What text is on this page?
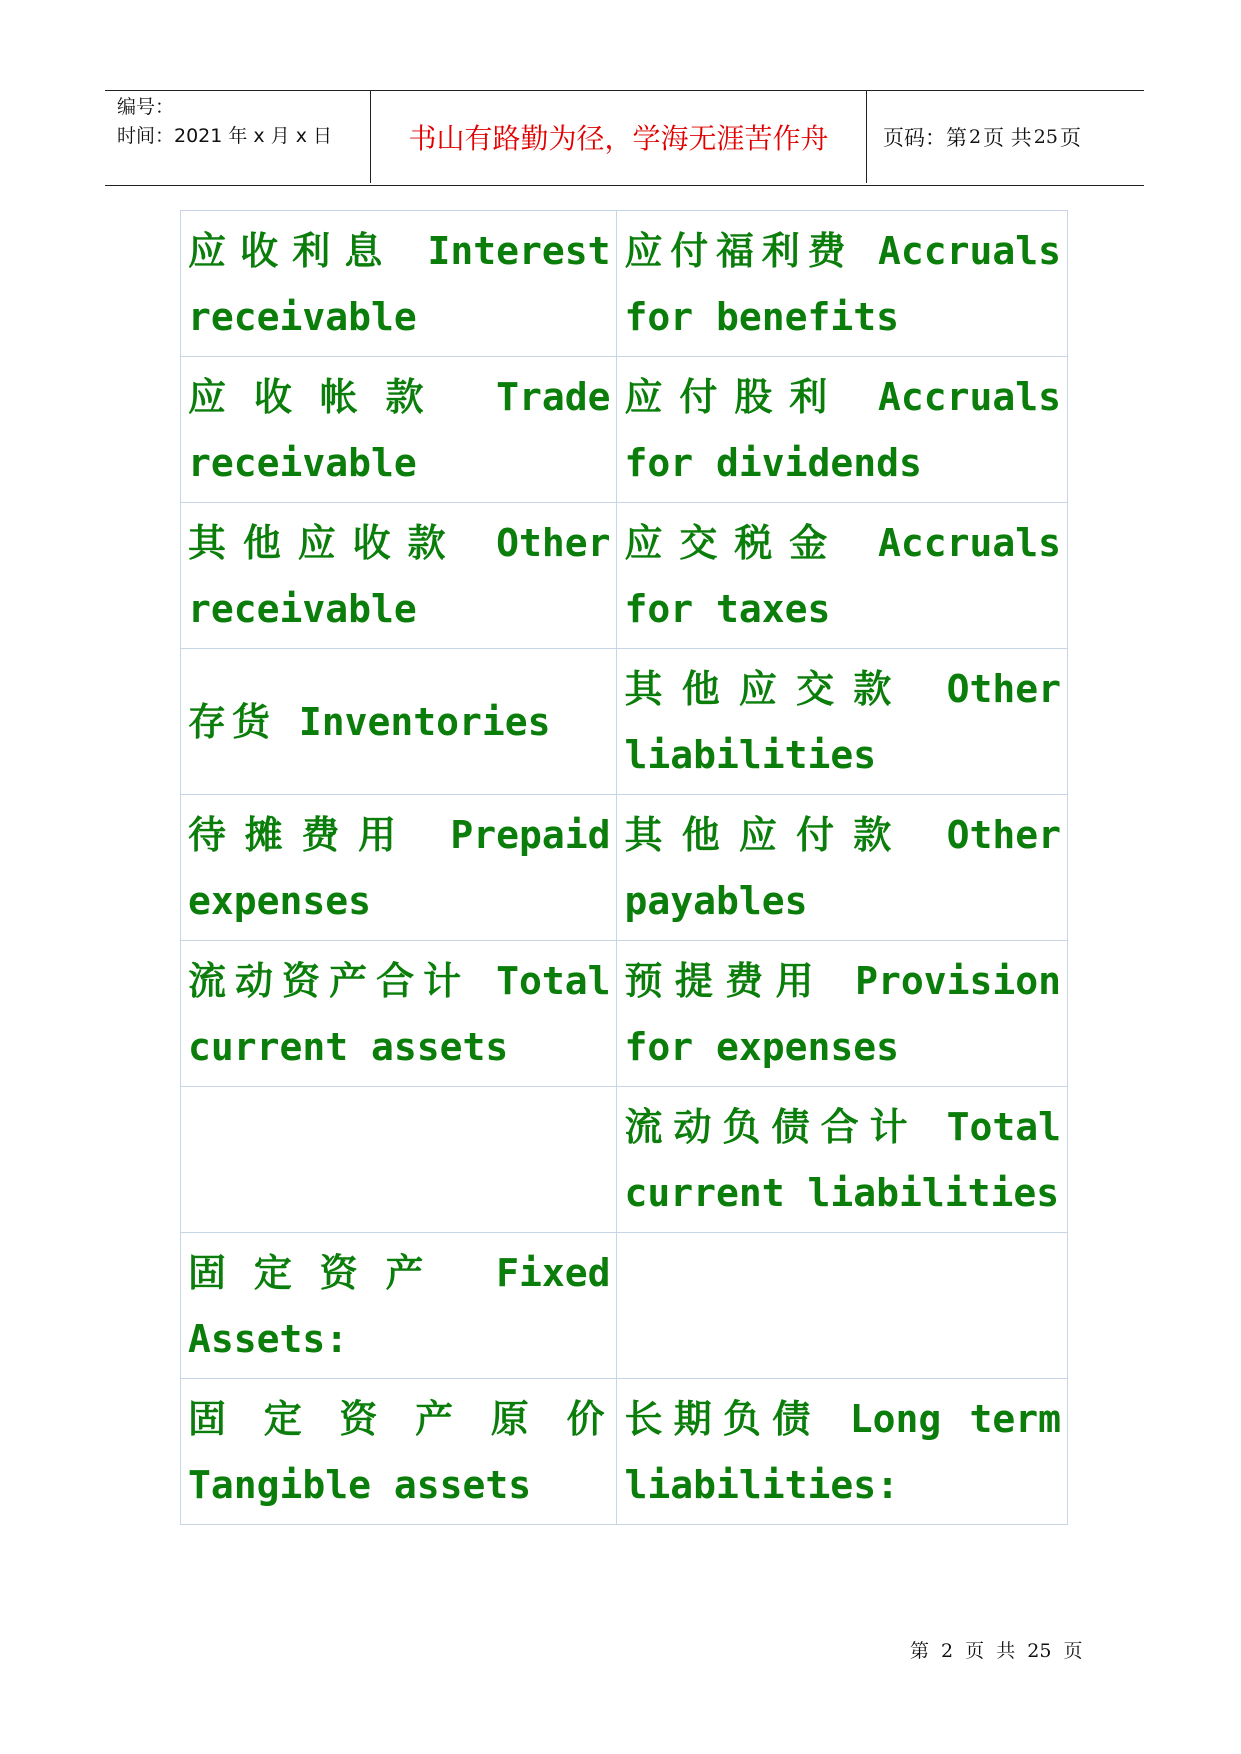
编号：
时间：2021 年 x 月 x 日	书山有路勤为径，学海无涯苦作舟	页码：第 2 页 共 25 页
应收利息 Interest receivable	应付福利费 Accruals for benefits
应收帐款 Trade receivable	应付股利 Accruals for dividends
其他应收款 Other receivable	应交税金 Accruals for taxes
存货 Inventories	其他应交款 Other liabilities
待摊费用 Prepaid expenses	其他应付款 Other payables
流动资产合计 Total current assets	预提费用 Provision for expenses
	流动负债合计 Total current liabilities
固定资产 Fixed Assets:	
固定资产原价 Tangible assets	长期负债 Long term liabilities:
第 2 页 共 25 页
